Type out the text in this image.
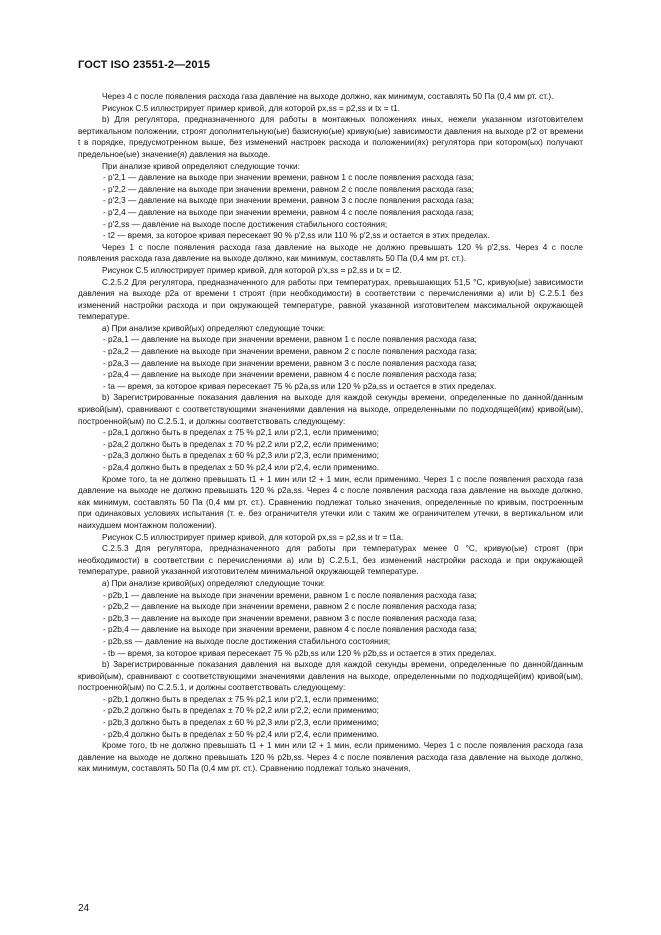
ГОСТ ISO 23551-2—2015

Через 4 с после появления расхода газа давление на выходе должно, как минимум, составлять 50 Па (0,4 мм рт. ст.).

Рисунок С.5 иллюстрирует пример кривой, для которой px,ss = p2,ss и tx = t1.

b) Для регулятора, предназначенного для работы в монтажных положениях иных, нежели указанном изготовителем вертикальном положении, строят дополнительную(ые) базисную(ые) кривую(ые) зависимости давления на выходе p'2 от времени t в порядке, предусмотренном выше, без изменений настроек расхода и положении(ях) регулятора при котором(ых) получают предельное(ые) значение(я) давления на выходе.

При анализе кривой определяют следующие точки:

- p'2,1 — давление на выходе при значении времени, равном 1 с после появления расхода газа;

- p'2,2 — давление на выходе при значении времени, равном 2 с после появления расхода газа;

- p'2,3 — давление на выходе при значении времени, равном 3 с после появления расхода газа;

- p'2,4 — давление на выходе при значении времени, равном 4 с после появления расхода газа;

- p'2,ss — давление на выходе после достижения стабильного состояния;

- t2 — время, за которое кривая пересекает 90 % p'2,ss или 110 % p'2,ss и остается в этих пределах.

Через 1 с после появления расхода газа давление на выходе не должно превышать 120 % p'2,ss. Через 4 с после появления расхода газа давление на выходе должно, как минимум, составлять 50 Па (0,4 мм рт. ст.).

Рисунок С.5 иллюстрирует пример кривой, для которой p'x,ss = p2,ss и tx = t2.

C.2.5.2 Для регулятора, предназначенного для работы при температурах, превышающих 51,5 °С, кривую(ые) зависимости давления на выходе p2a от времени t строят (при необходимости) в соответствии с перечислениями а) или b) С.2.5.1 без изменений настройки расхода и при окружающей температуре, равной указанной изготовителем максимальной окружающей температуре.

а) При анализе кривой(ых) определяют следующие точки:

- p2a,1 — давление на выходе при значении времени, равном 1 с после появления расхода газа;

- p2a,2 — давление на выходе при значении времени, равном 2 с после появления расхода газа;

- p2a,3 — давление на выходе при значении времени, равном 3 с после появления расхода газа;

- p2a,4 — давление на выходе при значении времени, равном 4 с после появления расхода газа;

- ta — время, за которое кривая пересекает 75 % p2a,ss или 120 % p2a,ss и остается в этих пределах.

b) Зарегистрированные показания давления на выходе для каждой секунды времени, определенные по данной/данным кривой(ым), сравнивают с соответствующими значениями давления на выходе, определенными по подходящей(им) кривой(ым), построенной(ым) по С.2.5.1, и должны соответствовать следующему:

- p2a,1 должно быть в пределах ± 75 % p2,1 или p'2,1, если применимо;

- p2a,2 должно быть в пределах ± 70 % p2,2 или p'2,2, если применимо;

- p2a,3 должно быть в пределах ± 60 % p2,3 или p'2,3, если применимо;

- p2a,4 должно быть в пределах ± 50 % p2,4 или p'2,4, если применимо.

Кроме того, ta не должно превышать t1 + 1 мин или t2 + 1 мин, если применимо. Через 1 с после появления расхода газа давление на выходе не должно превышать 120 % p2a,ss. Через 4 с после появления расхода газа давление на выходе должно, как минимум, составлять 50 Па (0,4 мм рт. ст.). Сравнению подлежат только значения, определенные по кривым, построенным при одинаковых условиях испытания (т. е. без ограничителя утечки или с таким же ограничителем утечки, в вертикальном или наихудшем монтажном положении).

Рисунок С.5 иллюстрирует пример кривой, для которой px,ss = p2,ss и tr = t1a.

C.2.5.3 Для регулятора, предназначенного для работы при температурах менее 0 °С, кривую(ые) строят (при необходимости) в соответствии с перечислениями а) или b) С.2.5.1, без изменений настройки расхода и при окружающей температуре, равной указанной изготовителем минимальной окружающей температуре.

а) При анализе кривой(ых) определяют следующие точки:

- p2b,1 — давление на выходе при значении времени, равном 1 с после появления расхода газа;

- p2b,2 — давление на выходе при значении времени, равном 2 с после появления расхода газа;

- p2b,3 — давление на выходе при значении времени, равном 3 с после появления расхода газа;

- p2b,4 — давление на выходе при значении времени, равном 4 с после появления расхода газа;

- p2b,ss — давление на выходе после достижения стабильного состояния;

- tb — время, за которое кривая пересекает 75 % p2b,ss или 120 % p2b,ss и остается в этих пределах.

b) Зарегистрированные показания давления на выходе для каждой секунды времени, определенные по данной/данным кривой(ым), сравнивают с соответствующими значениями давления на выходе, определенными по подходящей(им) кривой(ым), построенной(ым) по С.2.5.1, и должны соответствовать следующему:

- p2b,1 должно быть в пределах ± 75 % p2,1 или p'2,1, если применимо;

- p2b,2 должно быть в пределах ± 70 % p2,2 или p'2,2, если применимо;

- p2b,3 должно быть в пределах ± 60 % p2,3 или p'2,3, если применимо;

- p2b,4 должно быть в пределах ± 50 % p2,4 или p'2,4, если применимо.

Кроме того, tb не должно превышать t1 + 1 мин или t2 + 1 мин, если применимо. Через 1 с после появления расхода газа давление на выходе не должно превышать 120 % p2b,ss. Через 4 с после появления расхода газа давление на выходе должно, как минимум, составлять 50 Па (0,4 мм рт. ст.). Сравнению подлежат только значения,

24
